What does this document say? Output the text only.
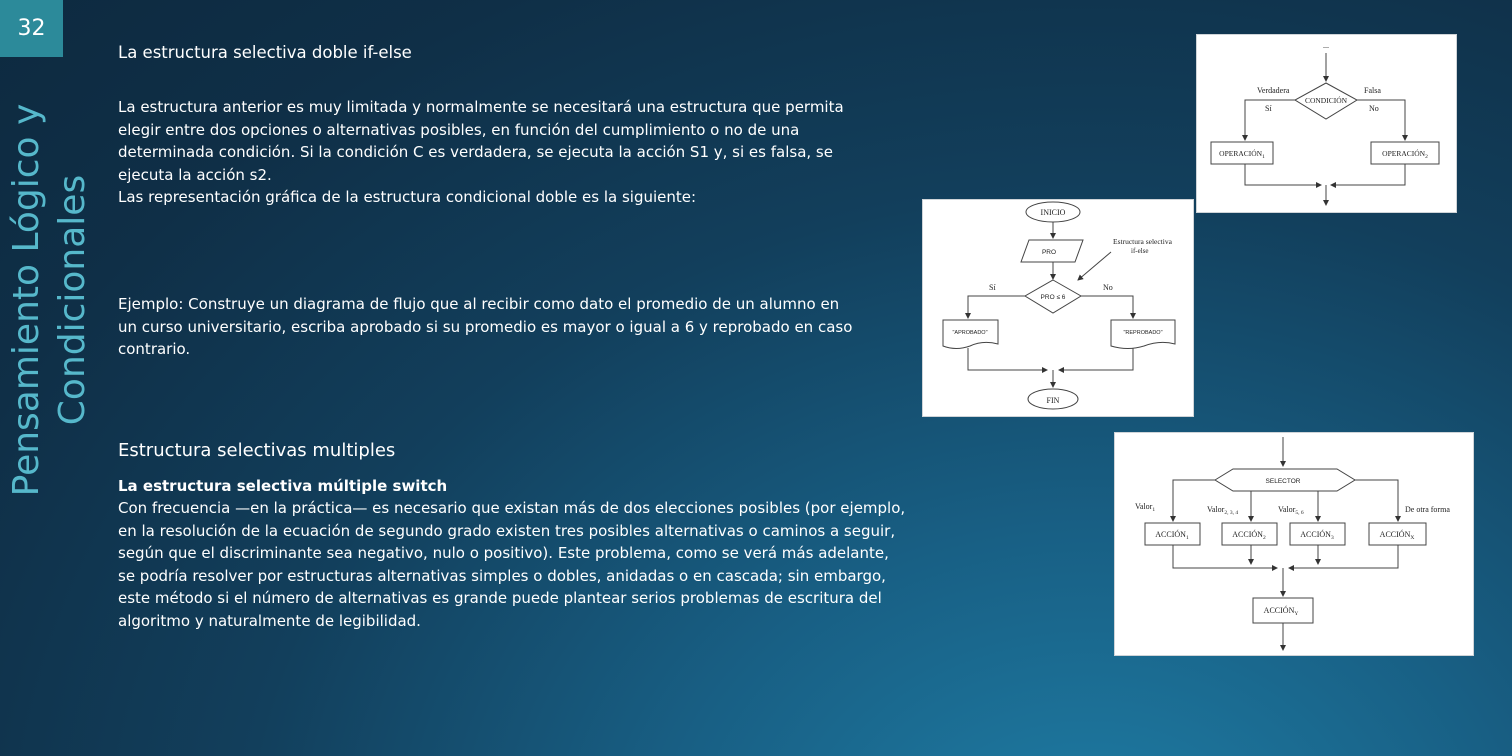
32
Pensamiento Lógico y Condicionales
La estructura selectiva doble if-else
La estructura anterior es muy limitada y normalmente se necesitará una estructura que permita
elegir entre dos opciones o alternativas posibles, en función del cumplimiento o no de una
determinada condición. Si la condición C es verdadera, se ejecuta la acción S1 y, si es falsa, se
ejecuta la acción s2.
Las representación gráfica de la estructura condicional doble es la siguiente:
Ejemplo: Construye un diagrama de flujo que al recibir como dato el promedio de un alumno en
un curso universitario, escriba aprobado si su promedio es mayor o igual a 6 y reprobado en caso
contrario.
Estructura selectivas multiples
La estructura selectiva múltiple switch
Con frecuencia —en la práctica— es necesario que existan más de dos elecciones posibles (por ejemplo,
en la resolución de la ecuación de segundo grado existen tres posibles alternativas o caminos a seguir,
según que el discriminante sea negativo, nulo o positivo). Este problema, como se verá más adelante,
se podría resolver por estructuras alternativas simples o dobles, anidadas o en cascada; sin embargo,
este método si el número de alternativas es grande puede plantear serios problemas de escritura del
algoritmo y naturalmente de legibilidad.
...
Verdadera	Falsa
Sí	No
CONDICIÓN
$OPERACIÓN_1$	$OPERACIÓN_2$
INICIO
PRO
Estructura selectiva
if-else
Sí	No
PRO ≤ 6
"APROBADO"	"REPROBADO"
FIN
SELECTOR
Valor$_1$	Valor$_{2, 3, 4}$	Valor$_{5, 6}$	De otra forma
$ACCIÓN_1$	$ACCIÓN_2$	$ACCIÓN_3$	$ACCIÓN_X$
$ACCIÓN_Y$
